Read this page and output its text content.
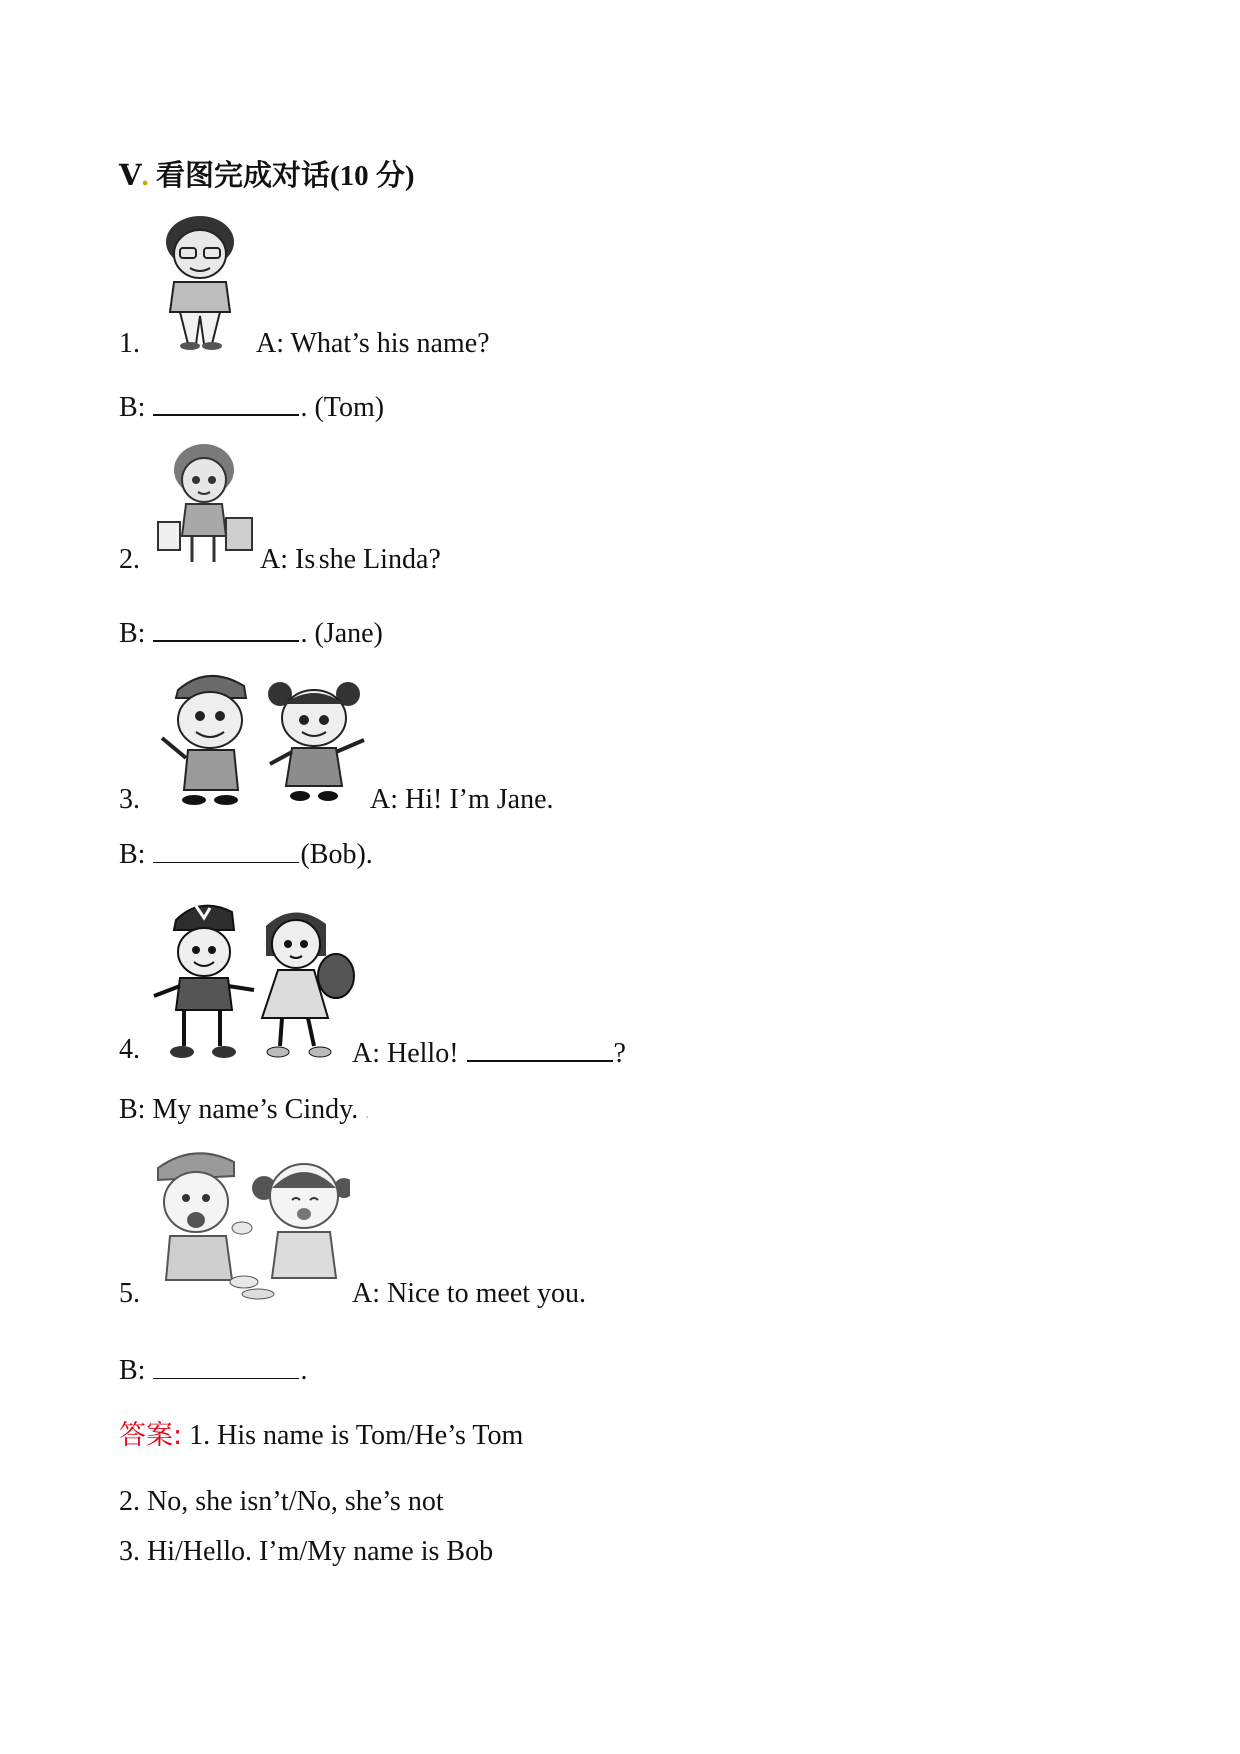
Ⅴ. 看图完成对话(10 分)
1.	A: What’s his name?
B:	. (Tom)
2.	A: Is.she Linda?
B:	. (Jane)
3.	A: Hi! I’m Jane.
B:	(Bob).
4.	A: Hello!	?
B: My name’s Cindy. .
5.	A: Nice to meet you.
B:	.
答案: 1. His name is Tom/He’s Tom
2. No, she isn’t/No, she’s not
3. Hi/Hello. I’m/My name is Bob
